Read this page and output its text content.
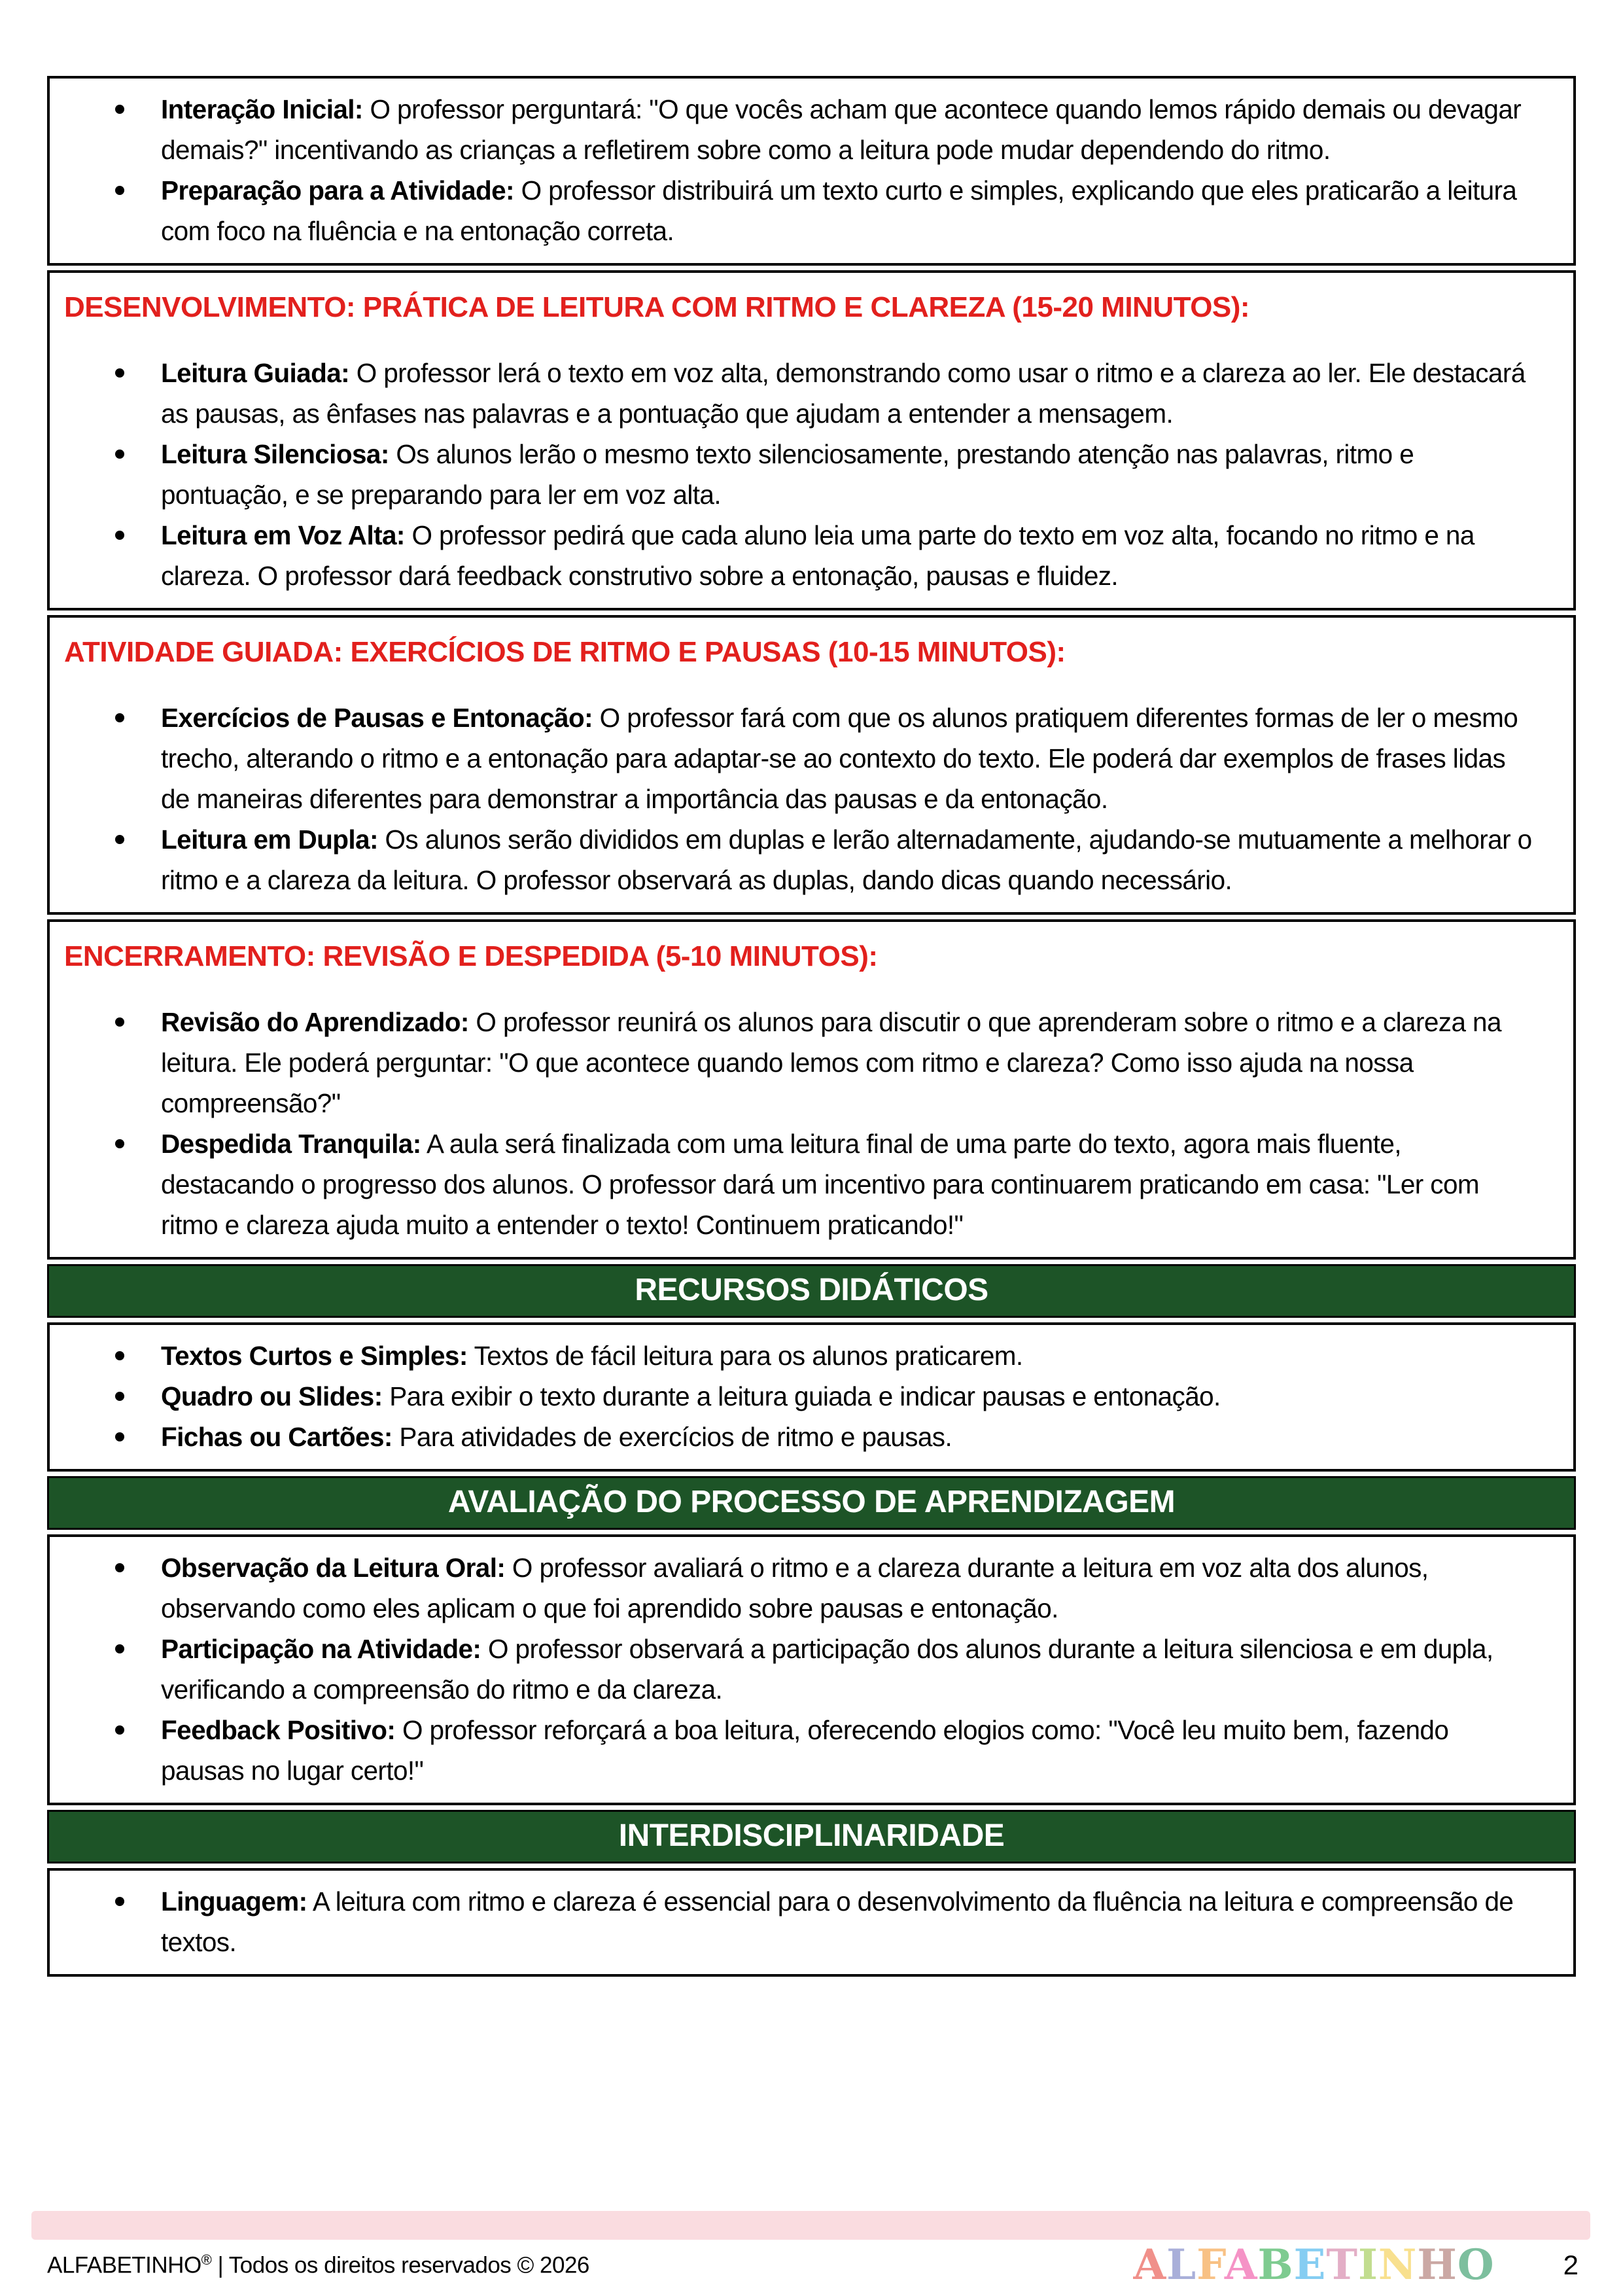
Interação Inicial: O professor perguntará: "O que vocês acham que acontece quando lemos rápido demais ou devagar demais?" incentivando as crianças a refletirem sobre como a leitura pode mudar dependendo do ritmo.
Preparação para a Atividade: O professor distribuirá um texto curto e simples, explicando que eles praticarão a leitura com foco na fluência e na entonação correta.
DESENVOLVIMENTO: PRÁTICA DE LEITURA COM RITMO E CLAREZA (15-20 MINUTOS):
Leitura Guiada: O professor lerá o texto em voz alta, demonstrando como usar o ritmo e a clareza ao ler. Ele destacará as pausas, as ênfases nas palavras e a pontuação que ajudam a entender a mensagem.
Leitura Silenciosa: Os alunos lerão o mesmo texto silenciosamente, prestando atenção nas palavras, ritmo e pontuação, e se preparando para ler em voz alta.
Leitura em Voz Alta: O professor pedirá que cada aluno leia uma parte do texto em voz alta, focando no ritmo e na clareza. O professor dará feedback construtivo sobre a entonação, pausas e fluidez.
ATIVIDADE GUIADA: EXERCÍCIOS DE RITMO E PAUSAS (10-15 MINUTOS):
Exercícios de Pausas e Entonação: O professor fará com que os alunos pratiquem diferentes formas de ler o mesmo trecho, alterando o ritmo e a entonação para adaptar-se ao contexto do texto. Ele poderá dar exemplos de frases lidas de maneiras diferentes para demonstrar a importância das pausas e da entonação.
Leitura em Dupla: Os alunos serão divididos em duplas e lerão alternadamente, ajudando-se mutuamente a melhorar o ritmo e a clareza da leitura. O professor observará as duplas, dando dicas quando necessário.
ENCERRAMENTO: REVISÃO E DESPEDIDA (5-10 MINUTOS):
Revisão do Aprendizado: O professor reunirá os alunos para discutir o que aprenderam sobre o ritmo e a clareza na leitura. Ele poderá perguntar: "O que acontece quando lemos com ritmo e clareza? Como isso ajuda na nossa compreensão?"
Despedida Tranquila: A aula será finalizada com uma leitura final de uma parte do texto, agora mais fluente, destacando o progresso dos alunos. O professor dará um incentivo para continuarem praticando em casa: "Ler com ritmo e clareza ajuda muito a entender o texto! Continuem praticando!"
RECURSOS DIDÁTICOS
Textos Curtos e Simples: Textos de fácil leitura para os alunos praticarem.
Quadro ou Slides: Para exibir o texto durante a leitura guiada e indicar pausas e entonação.
Fichas ou Cartões: Para atividades de exercícios de ritmo e pausas.
AVALIAÇÃO DO PROCESSO DE APRENDIZAGEM
Observação da Leitura Oral: O professor avaliará o ritmo e a clareza durante a leitura em voz alta dos alunos, observando como eles aplicam o que foi aprendido sobre pausas e entonação.
Participação na Atividade: O professor observará a participação dos alunos durante a leitura silenciosa e em dupla, verificando a compreensão do ritmo e da clareza.
Feedback Positivo: O professor reforçará a boa leitura, oferecendo elogios como: "Você leu muito bem, fazendo pausas no lugar certo!"
INTERDISCIPLINARIDADE
Linguagem: A leitura com ritmo e clareza é essencial para o desenvolvimento da fluência na leitura e compreensão de textos.
ALFABETINHO® | Todos os direitos reservados © 2026	ALFABETINHO	2
